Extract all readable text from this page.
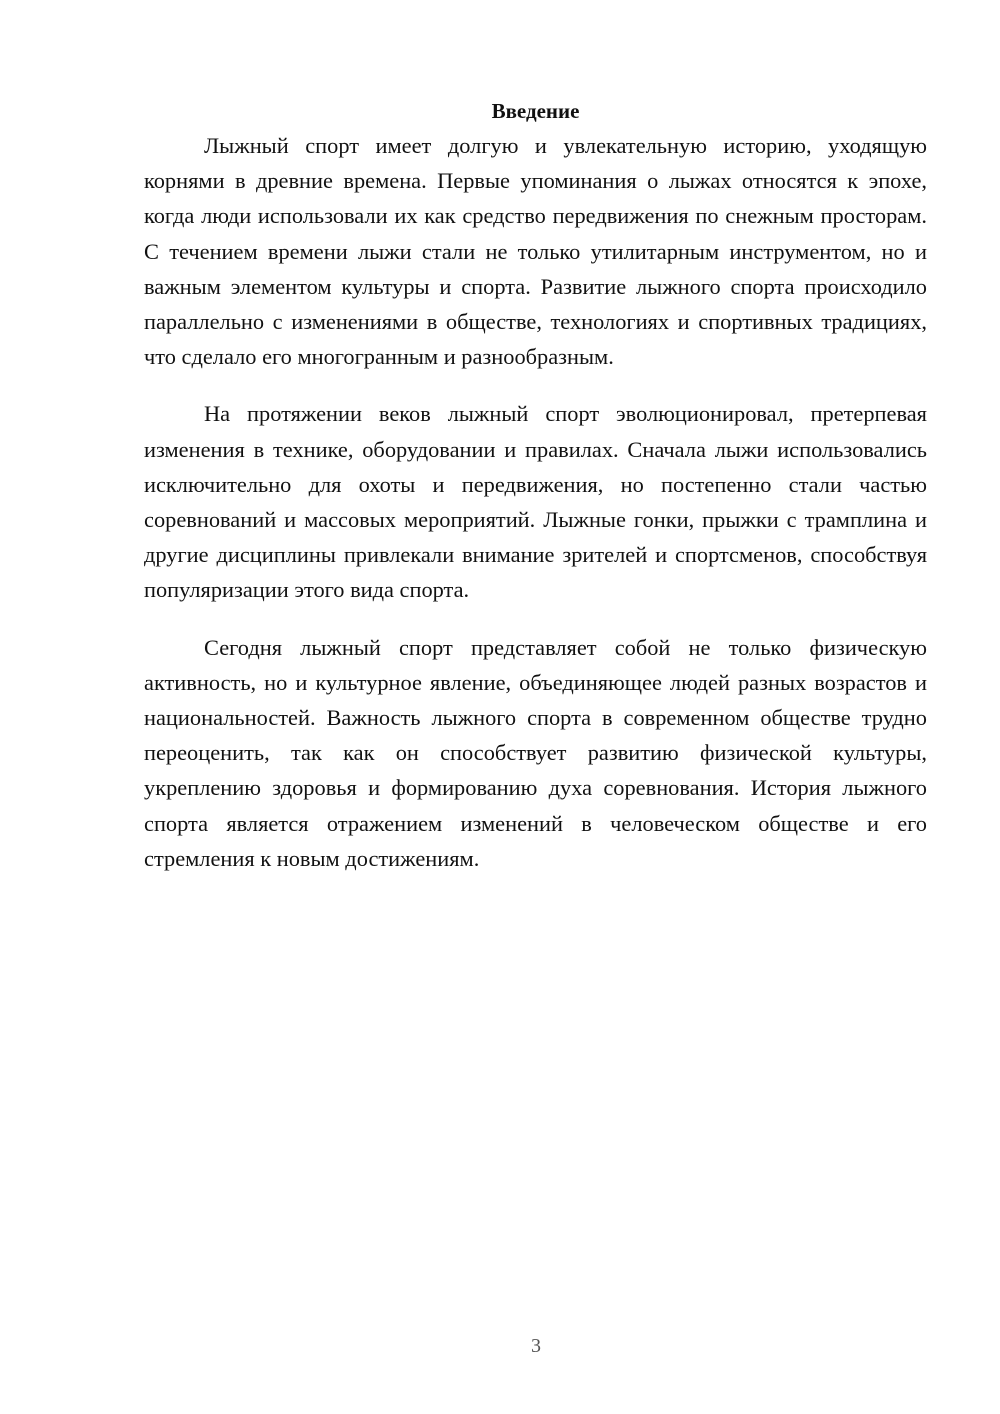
Введение

Лыжный спорт имеет долгую и увлекательную историю, уходящую корнями в древние времена. Первые упоминания о лыжах относятся к эпохе, когда люди использовали их как средство передвижения по снежным просторам. С течением времени лыжи стали не только утилитарным инструментом, но и важным элементом культуры и спорта. Развитие лыжного спорта происходило параллельно с изменениями в обществе, технологиях и спортивных традициях, что сделало его многогранным и разнообразным.

На протяжении веков лыжный спорт эволюционировал, претерпевая изменения в технике, оборудовании и правилах. Сначала лыжи использовались исключительно для охоты и передвижения, но постепенно стали частью соревнований и массовых мероприятий. Лыжные гонки, прыжки с трамплина и другие дисциплины привлекали внимание зрителей и спортсменов, способствуя популяризации этого вида спорта.

Сегодня лыжный спорт представляет собой не только физическую активность, но и культурное явление, объединяющее людей разных возрастов и национальностей. Важность лыжного спорта в современном обществе трудно переоценить, так как он способствует развитию физической культуры, укреплению здоровья и формированию духа соревнования. История лыжного спорта является отражением изменений в человеческом обществе и его стремления к новым достижениям.

3
